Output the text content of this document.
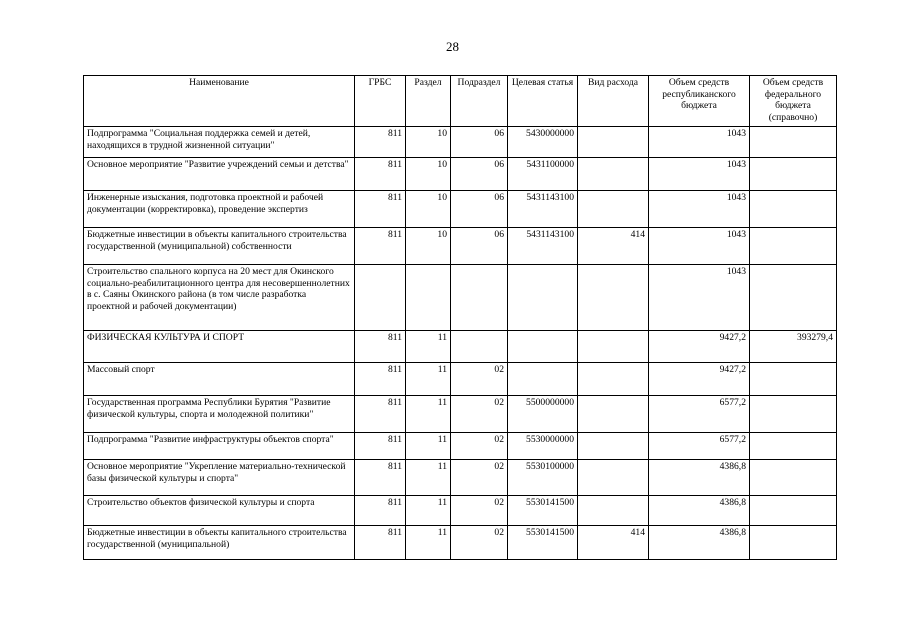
28
Наименование	ГРБС	Раздел	Подраздел	Целевая статья	Вид расхода	Объем средств республиканского бюджета	Объем средств федерального бюджета (справочно)
Подпрограмма "Социальная поддержка семей и детей, находящихся в трудной жизненной ситуации"	811	10	06	5430000000		1043	
Основное мероприятие "Развитие учреждений семьи и детства"	811	10	06	5431100000		1043	
Инженерные изыскания, подготовка проектной и рабочей документации (корректировка), проведение экспертиз	811	10	06	5431143100		1043	
Бюджетные инвестиции в объекты капитального строительства государственной (муниципальной) собственности	811	10	06	5431143100	414	1043	
Строительство спального корпуса на 20 мест для Окинского социально-реабилитационного центра для несовершеннолетних в с. Саяны Окинского района (в том числе разработка проектной и рабочей документации)						1043	
ФИЗИЧЕСКАЯ КУЛЬТУРА И СПОРТ	811	11				9427,2	393279,4
Массовый спорт	811	11	02			9427,2	
Государственная программа Республики Бурятия "Развитие физической культуры, спорта и молодежной политики"	811	11	02	5500000000		6577,2	
Подпрограмма "Развитие инфраструктуры объектов спорта"	811	11	02	5530000000		6577,2	
Основное мероприятие "Укрепление материально-технической базы физической культуры и спорта"	811	11	02	5530100000		4386,8	
Строительство объектов физической культуры и спорта	811	11	02	5530141500		4386,8	
Бюджетные инвестиции в объекты капитального строительства государственной (муниципальной)	811	11	02	5530141500	414	4386,8	
